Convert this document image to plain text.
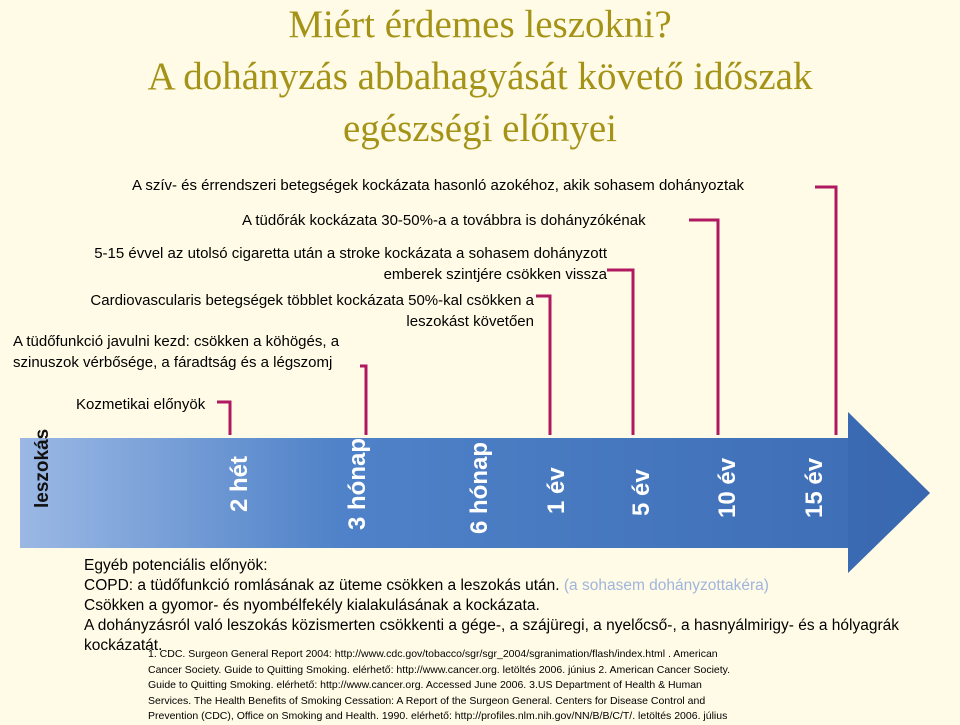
Miért érdemes leszokni?
A dohányzás abbahagyását követő időszak
egészségi előnyei
A szív- és érrendszeri betegségek kockázata hasonló azokéhoz, akik sohasem dohányoztak
A tüdőrák kockázata 30-50%-a a továbbra is dohányzókénak
5-15 évvel az utolsó cigaretta után a stroke kockázata a sohasem dohányzott
emberek szintjére csökken vissza
Cardiovascularis betegségek többlet kockázata 50%-kal csökken a
leszokást követően
A tüdőfunkció javulni kezd: csökken a köhögés, a
szinuszok vérbősége, a fáradtság és a légszomj
Kozmetikai előnyök
leszokás	2 hét	3 hónap	6 hónap 1 év 5 év 10 év	15 év
Egyéb potenciális előnyök:
COPD: a tüdőfunkció romlásának az üteme csökken a leszokás után. (a sohasem dohányzottakéra)
Csökken a gyomor- és nyombélfekély kialakulásának a kockázata.
A dohányzásról való leszokás közismerten csökkenti a gége-, a szájüregi, a nyelőcső-, a hasnyálmirigy- és a hólyagrák
kockázatát.
1. CDC. Surgeon General Report 2004: http://www.cdc.gov/tobacco/sgr/sgr_2004/sgranimation/flash/index.html . American
Cancer Society. Guide to Quitting Smoking. elérhető: http://www.cancer.org. letöltés 2006. június 2. American Cancer Society.
Guide to Quitting Smoking. elérhető: http://www.cancer.org. Accessed June 2006. 3.US Department of Health & Human
Services. The Health Benefits of Smoking Cessation: A Report of the Surgeon General. Centers for Disease Control and
Prevention (CDC), Office on Smoking and Health. 1990. elérhető: http://profiles.nlm.nih.gov/NN/B/B/C/T/. letöltés 2006. július
